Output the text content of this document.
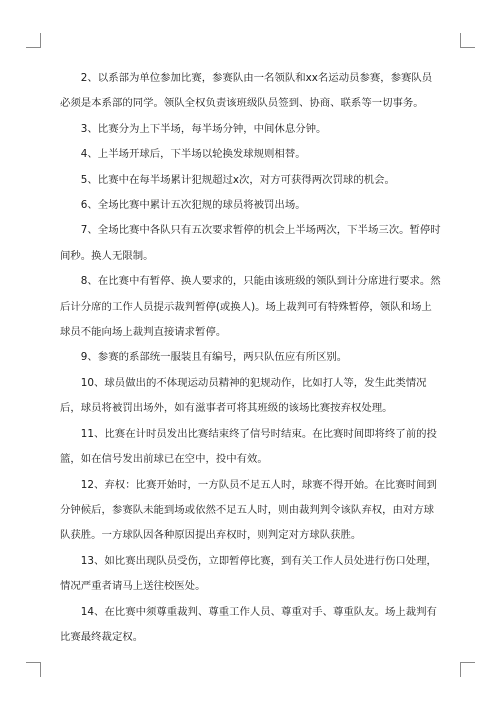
2、以系部为单位参加比赛，参赛队由一名领队和xx名运动员参赛，参赛队员必须是本系部的同学。领队全权负责该班级队员签到、协商、联系等一切事务。

3、比赛分为上下半场，每半场分钟，中间休息分钟。

4、上半场开球后，下半场以轮换发球规则相替。

5、比赛中在每半场累计犯规超过x次，对方可获得两次罚球的机会。

6、全场比赛中累计五次犯规的球员将被罚出场。

7、全场比赛中各队只有五次要求暂停的机会上半场两次，下半场三次。暂停时间秒。换人无限制。

8、在比赛中有暂停、换人要求的，只能由该班级的领队到计分席进行要求。然后计分席的工作人员提示裁判暂停(或换人)。场上裁判可有特殊暂停，领队和场上球员不能向场上裁判直接请求暂停。

9、参赛的系部统一服装且有编号，两只队伍应有所区别。

10、球员做出的不体现运动员精神的犯规动作，比如打人等，发生此类情况后，球员将被罚出场外，如有滋事者可将其班级的该场比赛按弃权处理。

11、比赛在计时员发出比赛结束终了信号时结束。在比赛时间即将终了前的投篮，如在信号发出前球已在空中，投中有效。

12、弃权：比赛开始时，一方队员不足五人时，球赛不得开始。在比赛时间到分钟候后，参赛队未能到场或依然不足五人时，则由裁判判令该队弃权，由对方球队获胜。一方球队因各种原因提出弃权时，则判定对方球队获胜。

13、如比赛出现队员受伤，立即暂停比赛，到有关工作人员处进行伤口处理，情况严重者请马上送往校医处。

14、在比赛中须尊重裁判、尊重工作人员、尊重对手、尊重队友。场上裁判有比赛最终裁定权。
